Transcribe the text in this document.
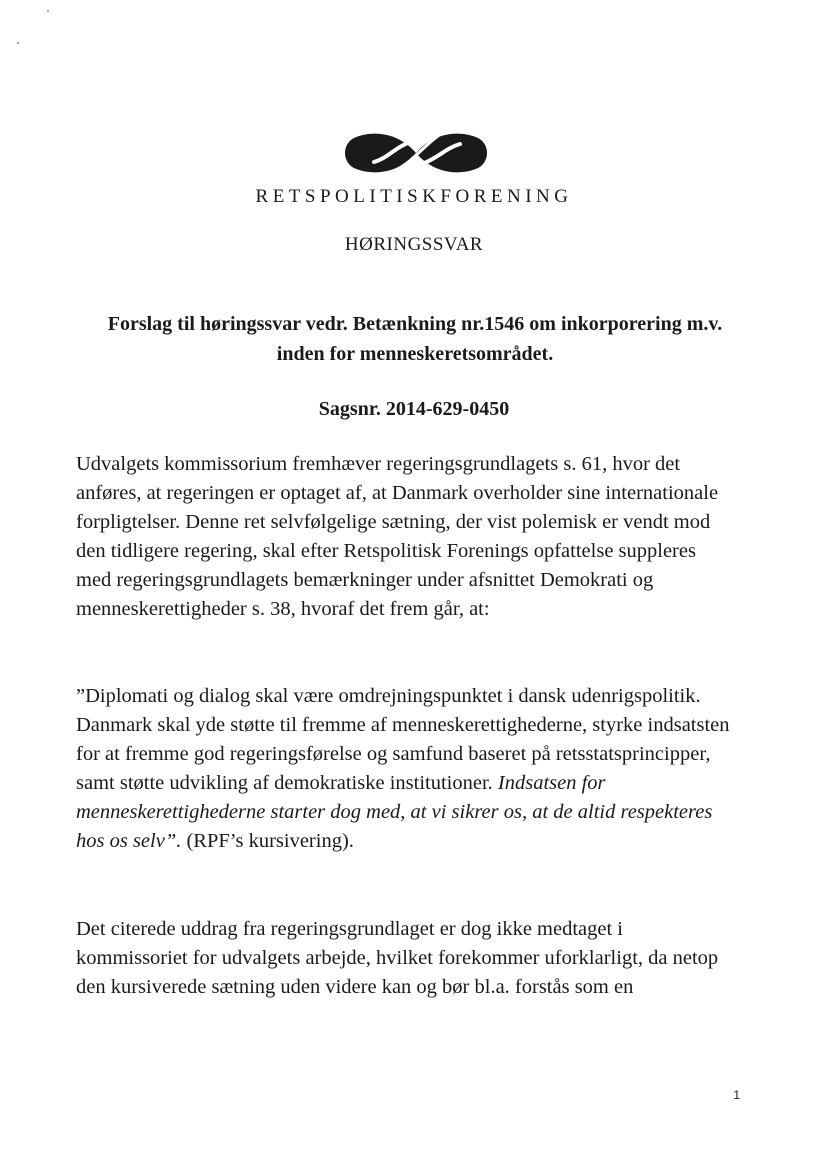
RETSPOLITISKFORENING

HØRINGSSVAR

Forslag til høringssvar vedr. Betænkning nr.1546 om inkorporering m.v. inden for menneskeretsområdet.

Sagsnr. 2014-629-0450

Udvalgets kommissorium fremhæver regeringsgrundlagets s. 61, hvor det anføres, at regeringen er optaget af, at Danmark overholder sine internationale forpligtelser. Denne ret selvfølgelige sætning, der vist polemisk er vendt mod den tidligere regering, skal efter Retspolitisk Forenings opfattelse suppleres med regeringsgrundlagets bemærkninger under afsnittet Demokrati og menneskerettigheder s. 38, hvoraf det frem går, at:

”Diplomati og dialog skal være omdrejningspunktet i dansk udenrigspolitik. Danmark skal yde støtte til fremme af menneskerettighederne, styrke indsatsten for at fremme god regeringsførelse og samfund baseret på retsstatsprincipper, samt støtte udvikling af demokratiske institutioner. Indsatsen for menneskerettighederne starter dog med, at vi sikrer os, at de altid respekteres hos os selv”. (RPF’s kursivering).

Det citerede uddrag fra regeringsgrundlaget er dog ikke medtaget i kommissoriet for udvalgets arbejde, hvilket forekommer uforklarligt, da netop den kursiverede sætning uden videre kan og bør bl.a. forstås som en

1
